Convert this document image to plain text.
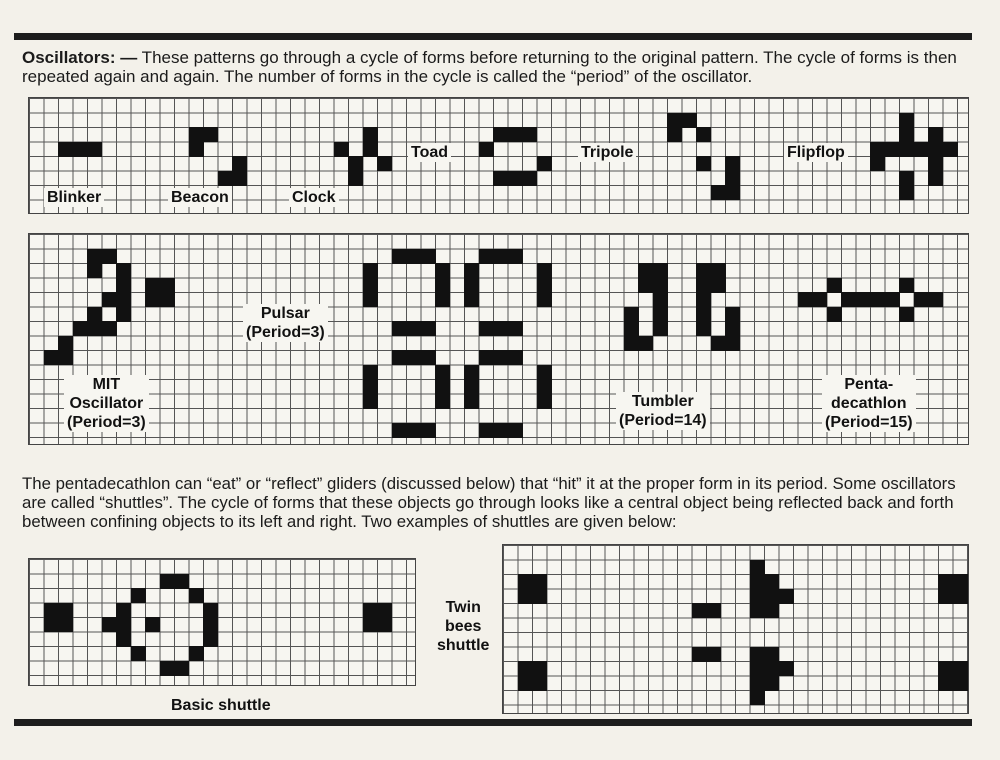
Oscillators: — These patterns go through a cycle of forms before returning to the original pattern. The cycle of forms is then repeated again and again. The number of forms in the cycle is called the “period” of the oscillator.

The pentadecathlon can “eat” or “reflect” gliders (discussed below) that “hit” it at the proper form in its period. Some oscillators are called “shuttles”. The cycle of forms that these objects go through looks like a central object being reflected back and forth between confining objects to its left and right. Two examples of shuttles are given below:

Blinker	Beacon	Clock
Toad	Tripole	Flipflop
MIT
Oscillator
(Period=3)
Pulsar
(Period=3)
Tumbler
(Period=14)
Penta-
decathlon
(Period=15)
Basic shuttle
Twin
bees
shuttle
